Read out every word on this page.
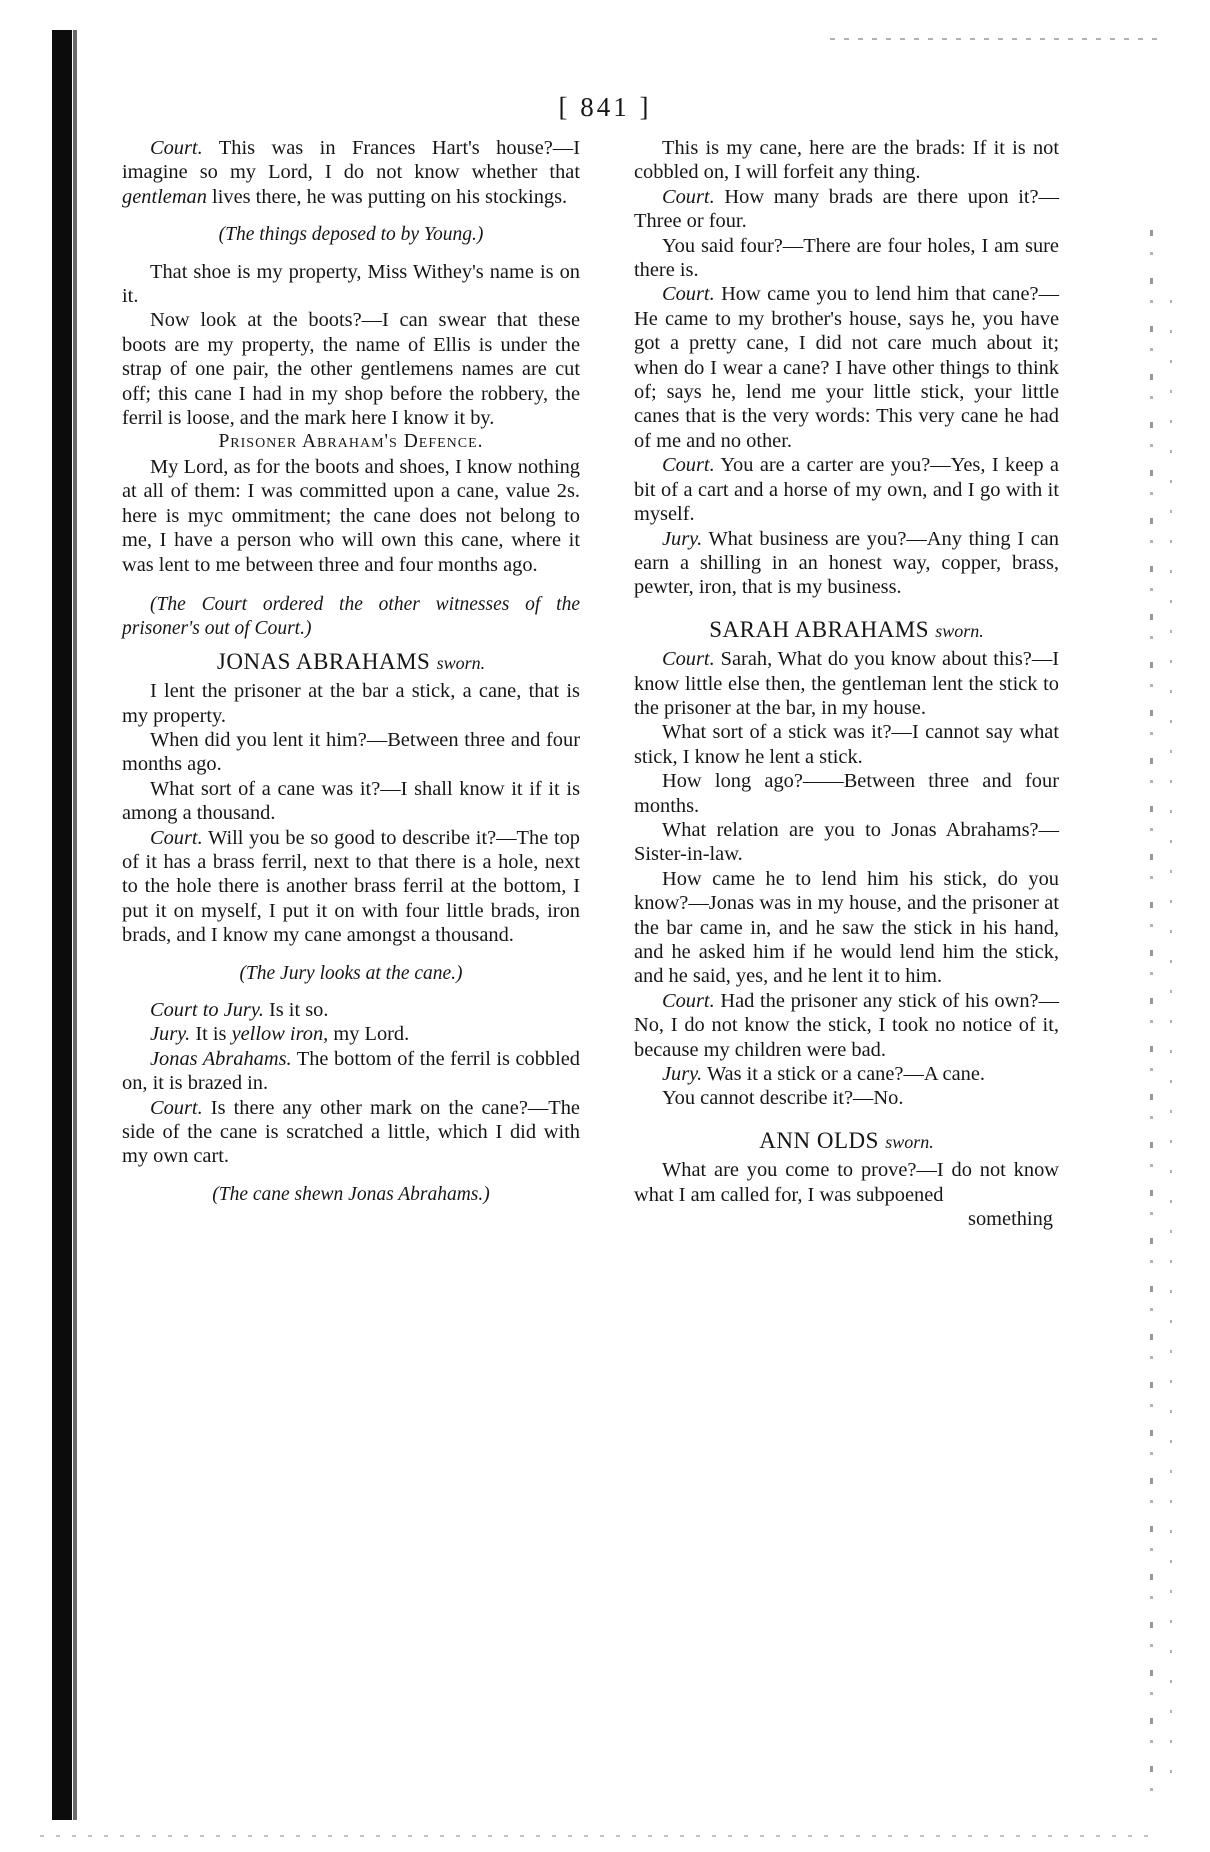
[ 841 ]

Court. This was in Frances Hart's house?—I imagine so my Lord, I do not know whether that gentleman lives there, he was putting on his stockings.

(The things deposed to by Young.)

That shoe is my property, Miss Withey's name is on it.

Now look at the boots?—I can swear that these boots are my property, the name of Ellis is under the strap of one pair, the other gentlemens names are cut off; this cane I had in my shop before the robbery, the ferril is loose, and the mark here I know it by.

Prisoner Abraham's Defence.

My Lord, as for the boots and shoes, I know nothing at all of them: I was committed upon a cane, value 2s. here is myc ommitment; the cane does not belong to me, I have a person who will own this cane, where it was lent to me between three and four months ago.

(The Court ordered the other witnesses of the prisoner's out of Court.)

JONAS ABRAHAMS sworn.

I lent the prisoner at the bar a stick, a cane, that is my property.

When did you lent it him?—Between three and four months ago.

What sort of a cane was it?—I shall know it if it is among a thousand.

Court. Will you be so good to describe it?—The top of it has a brass ferril, next to that there is a hole, next to the hole there is another brass ferril at the bottom, I put it on myself, I put it on with four little brads, iron brads, and I know my cane amongst a thousand.

(The Jury looks at the cane.)

Court to Jury. Is it so.

Jury. It is yellow iron, my Lord.

Jonas Abrahams. The bottom of the ferril is cobbled on, it is brazed in.

Court. Is there any other mark on the cane?—The side of the cane is scratched a little, which I did with my own cart.

(The cane shewn Jonas Abrahams.)

This is my cane, here are the brads: If it is not cobbled on, I will forfeit any thing.

Court. How many brads are there upon it?—Three or four.

You said four?—There are four holes, I am sure there is.

Court. How came you to lend him that cane?—He came to my brother's house, says he, you have got a pretty cane, I did not care much about it; when do I wear a cane? I have other things to think of; says he, lend me your little stick, your little canes that is the very words: This very cane he had of me and no other.

Court. You are a carter are you?—Yes, I keep a bit of a cart and a horse of my own, and I go with it myself.

Jury. What business are you?—Any thing I can earn a shilling in an honest way, copper, brass, pewter, iron, that is my business.

SARAH ABRAHAMS sworn.

Court. Sarah, What do you know about this?—I know little else then, the gentleman lent the stick to the prisoner at the bar, in my house.

What sort of a stick was it?—I cannot say what stick, I know he lent a stick.

How long ago?——Between three and four months.

What relation are you to Jonas Abrahams?—Sister-in-law.

How came he to lend him his stick, do you know?—Jonas was in my house, and the prisoner at the bar came in, and he saw the stick in his hand, and he asked him if he would lend him the stick, and he said, yes, and he lent it to him.

Court. Had the prisoner any stick of his own?—No, I do not know the stick, I took no notice of it, because my children were bad.

Jury. Was it a stick or a cane?—A cane.

You cannot describe it?—No.

ANN OLDS sworn.

What are you come to prove?—I do not know what I am called for, I was subpoened

something
